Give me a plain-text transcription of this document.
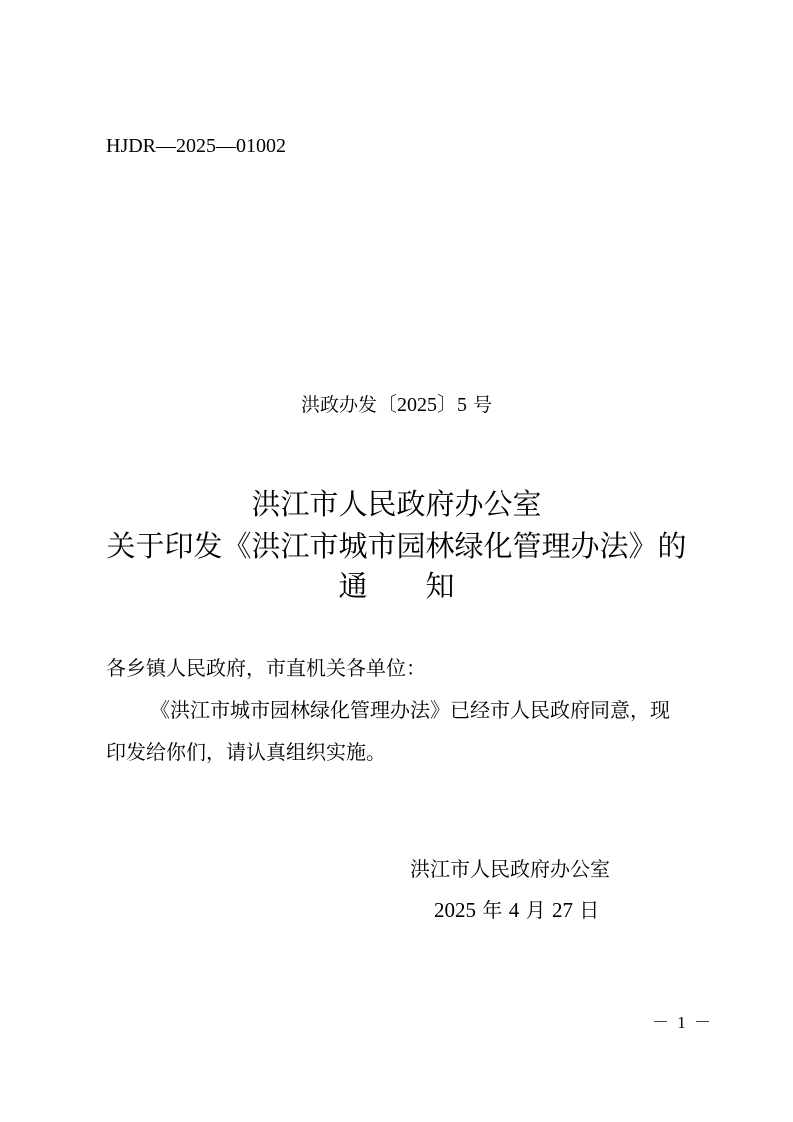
HJDR—2025—01002
洪政办发〔2025〕5 号
洪江市人民政府办公室
关于印发《洪江市城市园林绿化管理办法》的
通 知
各乡镇人民政府，市直机关各单位：
《洪江市城市园林绿化管理办法》已经市人民政府同意，现
印发给你们，请认真组织实施。
洪江市人民政府办公室
2025 年 4 月 27 日
－ 1 －
